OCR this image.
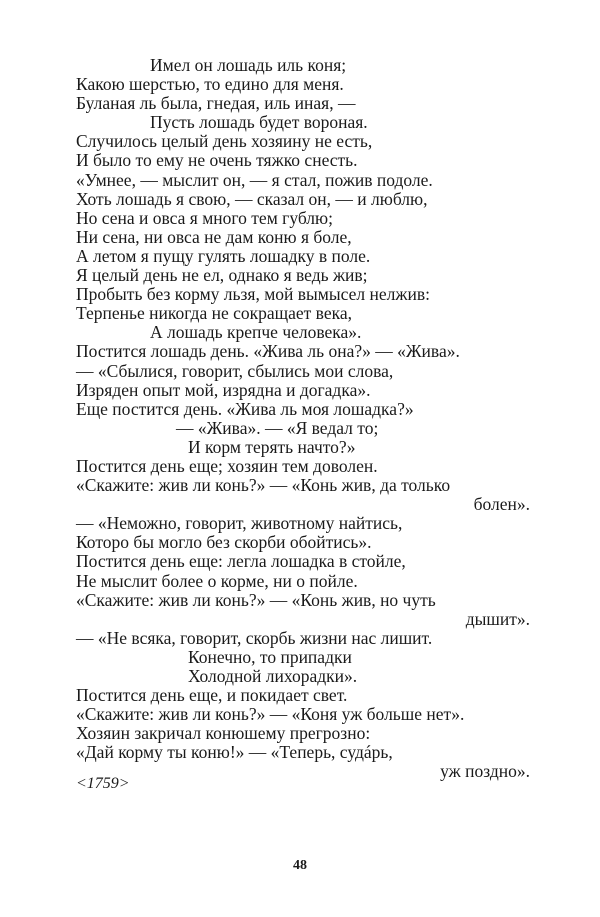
Имел он лошадь иль коня;
Какою шерстью, то едино для меня.
Буланая ль была, гнедая, иль иная, —
Пусть лошадь будет вороная.
Случилось целый день хозяину не есть,
И было то ему не очень тяжко снесть.
«Умнее, — мыслит он, — я стал, пожив подоле.
Хоть лошадь я свою, — сказал он, — и люблю,
Но сена и овса я много тем гублю;
Ни сена, ни овса не дам коню я боле,
А летом я пущу гулять лошадку в поле.
Я целый день не ел, однако я ведь жив;
Пробыть без корму льзя, мой вымысел нелжив:
Терпенье никогда не сокращает века,
А лошадь крепче человека».
Постится лошадь день. «Жива ль она?» — «Жива».
— «Сбылися, говорит, сбылись мои слова,
Изряден опыт мой, изрядна и догадка».
Еще постится день. «Жива ль моя лошадка?»
— «Жива». — «Я ведал то;
И корм терять начто?»
Постится день еще; хозяин тем доволен.
«Скажите: жив ли конь?» — «Конь жив, да только
болен».
— «Неможно, говорит, животному найтись,
Которо бы могло без скорби обойтись».
Постится день еще: легла лошадка в стойле,
Не мыслит более о корме, ни о пойле.
«Скажите: жив ли конь?» — «Конь жив, но чуть
дышит».
— «Не всяка, говорит, скорбь жизни нас лишит.
Конечно, то припадки
Холодной лихорадки».
Постится день еще, и покидает свет.
«Скажите: жив ли конь?» — «Коня уж больше нет».
Хозяин закричал конюшему прегрозно:
«Дай корму ты коню!» — «Теперь, судáрь,
уж поздно».
<1759>
48
